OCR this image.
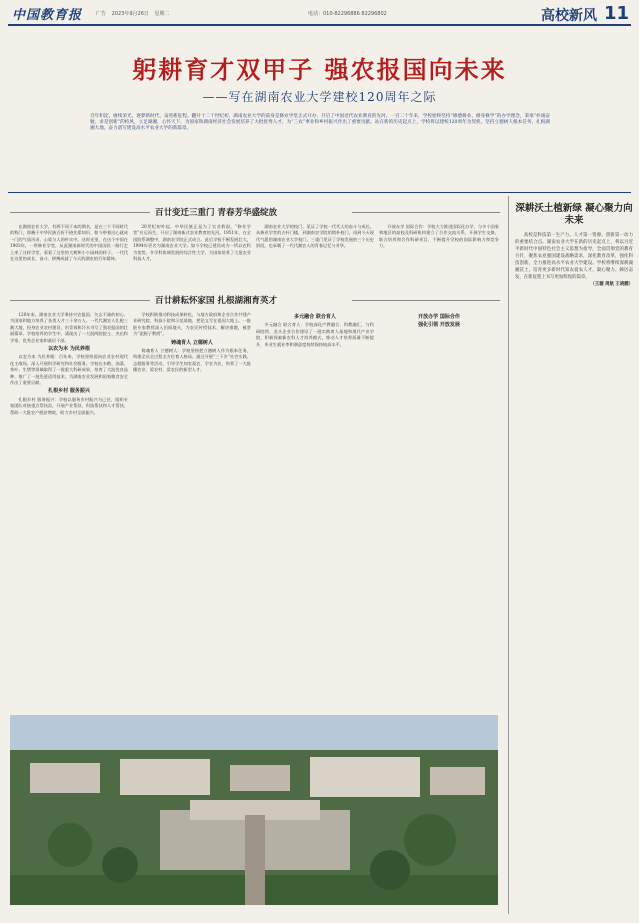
中国教育报	广告 2023年9月26日 星期二	电话：010-82296886 82296802	高校新风 11
躬耕育才双甲子 强农报国向未来
——写在湖南农业大学建校120周年之际
百年积淀，赓续荣光，逐梦新时代，奋进新征程。翻开十二十世纪初，湖南农业大学的前身是修业学堂正式开办，开启了中国近代农业教育的先河。一百二十年来，学校始终坚持“修德修业、修身修学”的办学理念，秉承“朴诚奋勉、求是创新”的校风，立足湖湘，心怀天下，为国家和湖南经济社会发展培养了大批优秀人才，为“三农”事业和乡村振兴作出了重要贡献。站在新的历史起点上，学校将以建校120周年为契机，坚持立德树人根本任务，扎根湖湘大地，奋力谱写建设高水平农业大学的新篇章。
百廿变迁三重门 青春芳华盛绽放

在湖南农业大学，有两不同于本的期名，是在三个不同时代的称门，即俺于中华民族百折不挠先辈知识、如今带着这心就成一门的气质风采、心爱与人的朴实中。这时光里，在这个中国在1903年，一所修业学堂，从此湖南新时代的中国国民一路行走上来了这样学堂，看看了这里的大树和小小园林的样子。一代代在这里的成长、奋斗、拼搏成就了今天的湖农的百年精神。

20世纪初叶起，中华民族正是为了实业救国，“修业学堂”应运而生，开启了湖南新式农业教育的先河。1951年，在全国院系调整中，湖南农学院正式成立。此后学校不断发展壮大，1994年更名为湖南农业大学。如今学校已建设成为一所以农科为优势，多学科协调发展的综合性大学，为国家培养了大批农业科技人才。

湖南农业大学的校门，见证了学校一代代人的奋斗与成长。从修业学堂的古朴门楼，到湖南农学院的简朴校门，再到今天现代气派的湖南农业大学校门，三重门见证了学校发展的三个历史阶段，也承载了一代代湘农人的青春记忆与芳华。

开放办学 国际合作：学校大力推进国际化办学，与多个国家和地区的高校及科研机构建立了合作交流关系，开展学生交换、联合培养和合作科研项目，不断提升学校的国际影响力和竞争力。

百廿耕耘怀家国 扎根湖湘育英才

120年来，湖南农业大学秉持兴农报国、矢志不渝的初心，为国家和地方培养了各类人才三十余万人。一代代湘农人扎根三湘大地，投身农业农村建设，用青春和汗水书写了强农报国的壮丽篇章。学校培养的学生中，涌现出了一大批两院院士、杰出科学家、优秀企业家和基层干部。

以农为本 为民养根

以农为本 为民养根：百年来，学校坚持面向农业农村现代化主战场，深入开展科学研究和社会服务。学校在水稻、油菜、茶叶、生猪等领域取得了一批重大科研成果，培育了大批优良品种，推广了一批先进适用技术，为湖南农业发展和国家粮食安全作出了重要贡献。

扎根乡村 服务振兴

扎根乡村 服务振兴：学校以服务乡村振兴为己任，组织专家团队对接重点帮扶县，开展产业帮扶、科技帮扶和人才帮扶，帮助一大批农户脱贫增收，助力乡村全面振兴。

学校积极推动科技成果转化，与地方政府和企业合作共建产业研究院、科技小院和示范基地，把论文写在祖国大地上。一批批专家教授深入田间地头，为农民传授技术、解决难题，被誉为“泥腿子教授”。

铸魂育人 立德树人

铸魂育人 立德树人：学校坚持把立德树人作为根本任务，构建全员全过程全方位育人格局。通过开展“三下乡”社会实践、志愿服务等活动，引导学生知农爱农、学农为农，培养了一大批懂农业、爱农村、爱农民的新型人才。

多元融合 联合育人

多元融合 联合育人：学校深化产教融合、科教融汇，与科研院所、龙头企业合作建设了一批实践育人基地和现代产业学院，积极探索新农科人才培养模式，推动人才培养质量不断提升，毕业生就业率和满意度持续保持较高水平。

开放办学 国际合作
强化引领 开放发展
深耕沃土植新绿 凝心聚力向未来

高校是科技第一生产力、人才第一资源、创新第一动力的重要结合点。湖南农业大学在新的历史起点上，将以习近平新时代中国特色社会主义思想为指导，全面贯彻党的教育方针，聚焦农业强国建设战略需求，深化教育改革，强化科技创新，全力推进高水平农业大学建设。学校将继续深耕湖湘沃土，培育更多新时代知农爱农人才，凝心聚力、踔厉奋发，在新征程上书写更加辉煌的篇章。

（王璇 周航 王晓鹏）
